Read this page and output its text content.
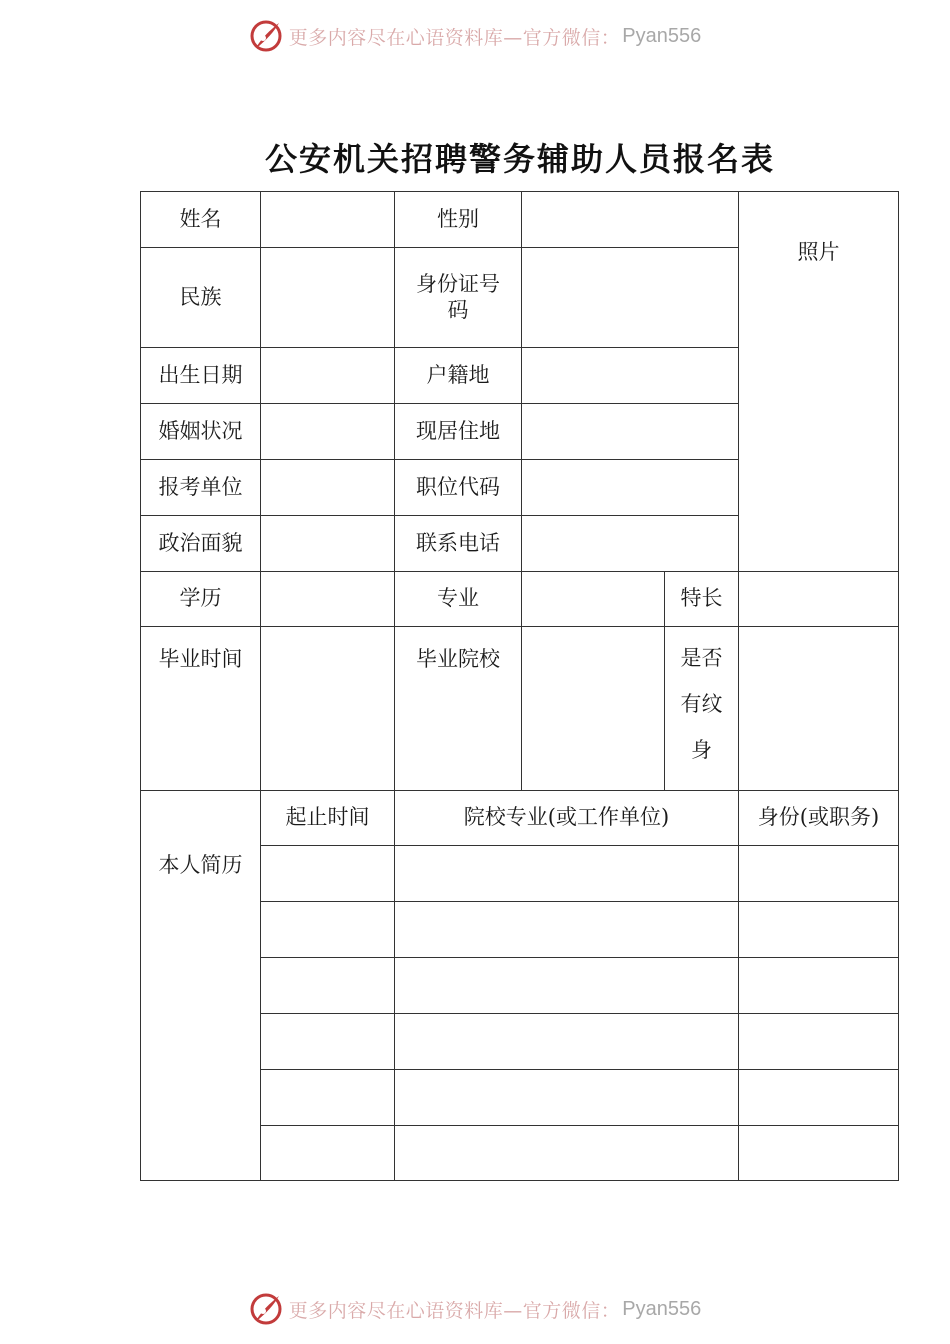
更多内容尽在心语资料库—官方微信： Pyan556
公安机关招聘警务辅助人员报名表
姓名		性别			照片
民族		身份证号
码			
出生日期		户籍地			
婚姻状况		现居住地			
报考单位		职位代码			
政治面貌		联系电话			
学历		专业		特长	
毕业时间		毕业院校		是否
有纹
身	
本人简历	起止时间	院校专业(或工作单位)			身份(或职务)

更多内容尽在心语资料库—官方微信： Pyan556
